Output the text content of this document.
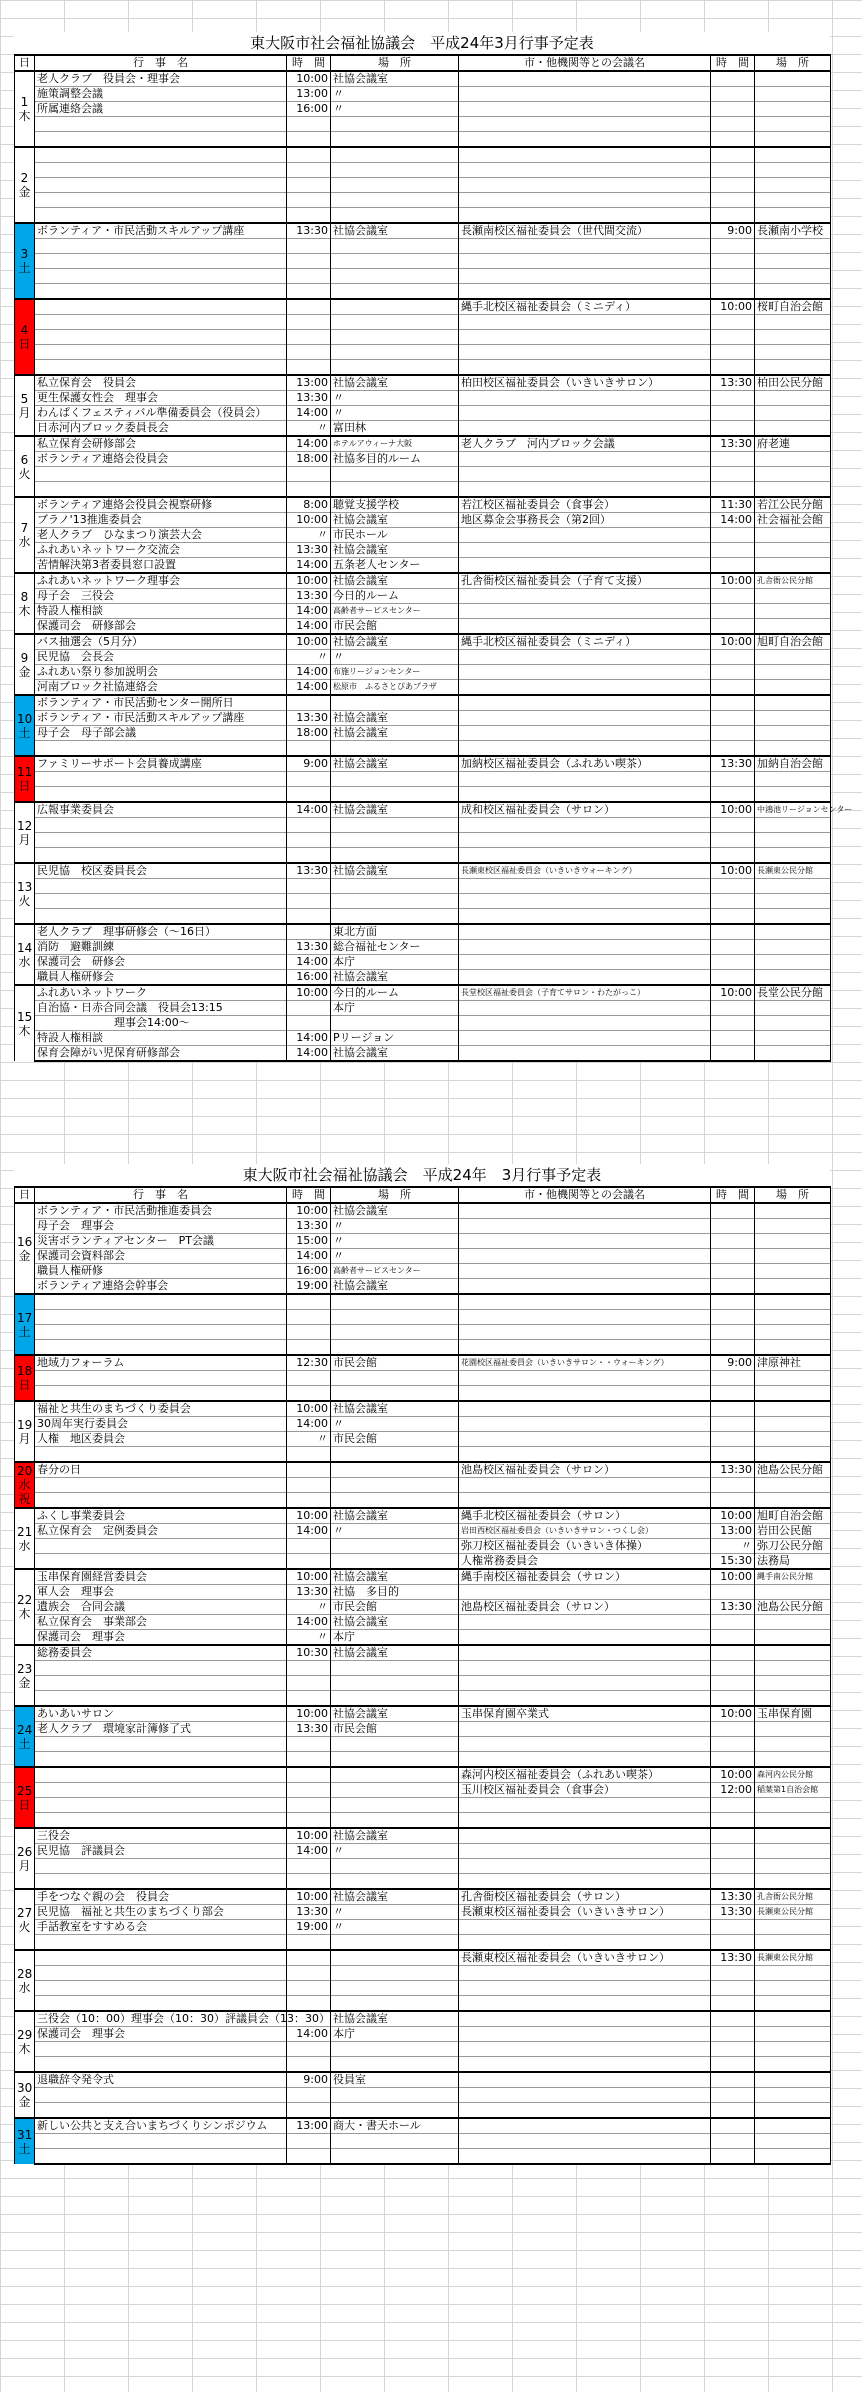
東大阪市社会福祉協議会　平成24年3月行事予定表
日	行　事　名	時　間	場　所	市・他機関等との会議名	時　間	場　所
1
木	老人クラブ　役員会・理事会	10:00	社協会議室			
	施策調整会議	13:00	〃			
	所属連絡会議	16:00	〃			

2
金						

3
土	ボランティア・市民活動スキルアップ講座	13:30	社協会議室	長瀬南校区福祉委員会（世代間交流）	9:00	長瀬南小学校

4
日				縄手北校区福祉委員会（ミニディ）	10:00	桜町自治会館

5
月	私立保育会　役員会	13:00	社協会議室	柏田校区福祉委員会（いきいきサロン）	13:30	柏田公民分館
	更生保護女性会　理事会	13:30	〃			
	わんぱくフェスティバル準備委員会（役員会）	14:00	〃			
	日赤河内ブロック委員長会	〃	富田林			
6
火	私立保育会研修部会	14:00	ホテルアウィーナ大阪	老人クラブ　河内ブロック会議	13:30	府老連
	ボランティア連絡会役員会	18:00	社協多目的ルーム			

7
水	ボランティア連絡会役員会視察研修	8:00	聴覚支援学校	若江校区福祉委員会（食事会）	11:30	若江公民分館
	ブラノ'13推進委員会	10:00	社協会議室	地区募金会事務長会（第2回）	14:00	社会福祉会館
	老人クラブ　ひなまつり演芸大会	〃	市民ホール			
	ふれあいネットワーク交流会	13:30	社協会議室			
	苦情解決第3者委員窓口設置	14:00	五条老人センター			
8
木	ふれあいネットワーク理事会	10:00	社協会議室	孔舎衙校区福祉委員会（子育て支援）	10:00	孔舎衙公民分館
	母子会　三役会	13:30	今日的ルーム			
	特設人権相談	14:00	高齢者サービスセンター			
	保護司会　研修部会	14:00	市民会館			
9
金	バス抽選会（5月分）	10:00	社協会議室	縄手北校区福祉委員会（ミニディ）	10:00	旭町自治会館
	民児協　会長会	〃	〃			
	ふれあい祭り参加説明会	14:00	布施リージョンセンター			
	河南ブロック社協連絡会	14:00	松原市　ふるさとぴあプラザ			
10
土	ボランティア・市民活動センター開所日					
	ボランティア・市民活動スキルアップ講座	13:30	社協会議室			
	母子会　母子部会議	18:00	社協会議室			

11
日	ファミリーサポート会員養成講座	9:00	社協会議室	加納校区福祉委員会（ふれあい喫茶）	13:30	加納自治会館

12
月	広報事業委員会	14:00	社協会議室	成和校区福祉委員会（サロン）	10:00	中鴻池リージョンセンター

13
火	民児協　校区委員長会	13:30	社協会議室	長瀬東校区福祉委員会（いきいきウォーキング）	10:00	長瀬東公民分館

14
水	老人クラブ　理事研修会（～16日）		東北方面			
	消防　避難訓練	13:30	総合福祉センター			
	保護司会　研修会	14:00	本庁			
	職員人権研修会	16:00	社協会議室			
15
木	ふれあいネットワーク	10:00	今日的ルーム	長堂校区福祉委員会（子育てサロン・わたがっこ）	10:00	長堂公民分館
	自治協・日赤合同会議　役員会13:15		本庁			
	　　　　　　　理事会14:00～					
	特設人権相談	14:00	Pリージョン			
	保育会障がい児保育研修部会	14:00	社協会議室			
東大阪市社会福祉協議会　平成24年　3月行事予定表
日	行　事　名	時　間	場　所	市・他機関等との会議名	時　間	場　所
16
金	ボランティア・市民活動推進委員会	10:00	社協会議室			
	母子会　理事会	13:30	〃			
	災害ボランティアセンター　PT会議	15:00	〃			
	保護司会資料部会	14:00	〃			
	職員人権研修	16:00	高齢者サービスセンター			
	ボランティア連絡会幹事会	19:00	社協会議室			
17
土						

18
日	地域力フォーラム	12:30	市民会館	花園校区福祉委員会（いきいきサロン・・ウォーキング）	9:00	津原神社

19
月	福祉と共生のまちづくり委員会	10:00	社協会議室			
	30周年実行委員会	14:00	〃			
	人権　地区委員会	〃	市民会館			

20
水
祝	春分の日			池島校区福祉委員会（サロン）	13:30	池島公民分館

21
水	ふくし事業委員会	10:00	社協会議室	縄手北校区福祉委員会（サロン）	10:00	旭町自治会館
	私立保育会　定例委員会	14:00	〃	岩田西校区福祉委員会（いきいきサロン・つくし会）	13:00	岩田公民館
				弥刀校区福祉委員会（いきいき体操）	〃	弥刀公民分館
				人権常務委員会	15:30	法務局
22
木	玉串保育園経営委員会	10:00	社協会議室	縄手南校区福祉委員会（サロン）	10:00	縄手南公民分館
	軍人会　理事会	13:30	社協　多目的			
	遺族会　合同会議	〃	市民会館	池島校区福祉委員会（サロン）	13:30	池島公民分館
	私立保育会　事業部会	14:00	社協会議室			
	保護司会　理事会	〃	本庁			
23
金	総務委員会	10:30	社協会議室			

24
土	あいあいサロン	10:00	社協会議室	玉串保育園卒業式	10:00	玉串保育園
	老人クラブ　環境家計簿修了式	13:30	市民会館			

25
日				森河内校区福祉委員会（ふれあい喫茶）	10:00	森河内公民分館
				玉川校区福祉委員会（食事会）	12:00	稲葉第1自治会館

26
月	三役会	10:00	社協会議室			
	民児協　評議員会	14:00	〃			

27
火	手をつなぐ親の会　役員会	10:00	社協会議室	孔舎衙校区福祉委員会（サロン）	13:30	孔舎衙公民分館
	民児協　福祉と共生のまちづくり部会	13:30	〃	長瀬東校区福祉委員会（いきいきサロン）	13:30	長瀬東公民分館
	手話教室をすすめる会	19:00	〃			

28
水				長瀬東校区福祉委員会（いきいきサロン）	13:30	長瀬東公民分館

29
木	三役会（10：00）理事会（10：30）評議員会（13：30）		社協会議室			
	保護司会　理事会	14:00	本庁			

30
金	退職辞令発令式	9:00	役員室			

31
土	新しい公共と支え合いまちづくりシンポジウム	13:00	商大・書天ホール			
